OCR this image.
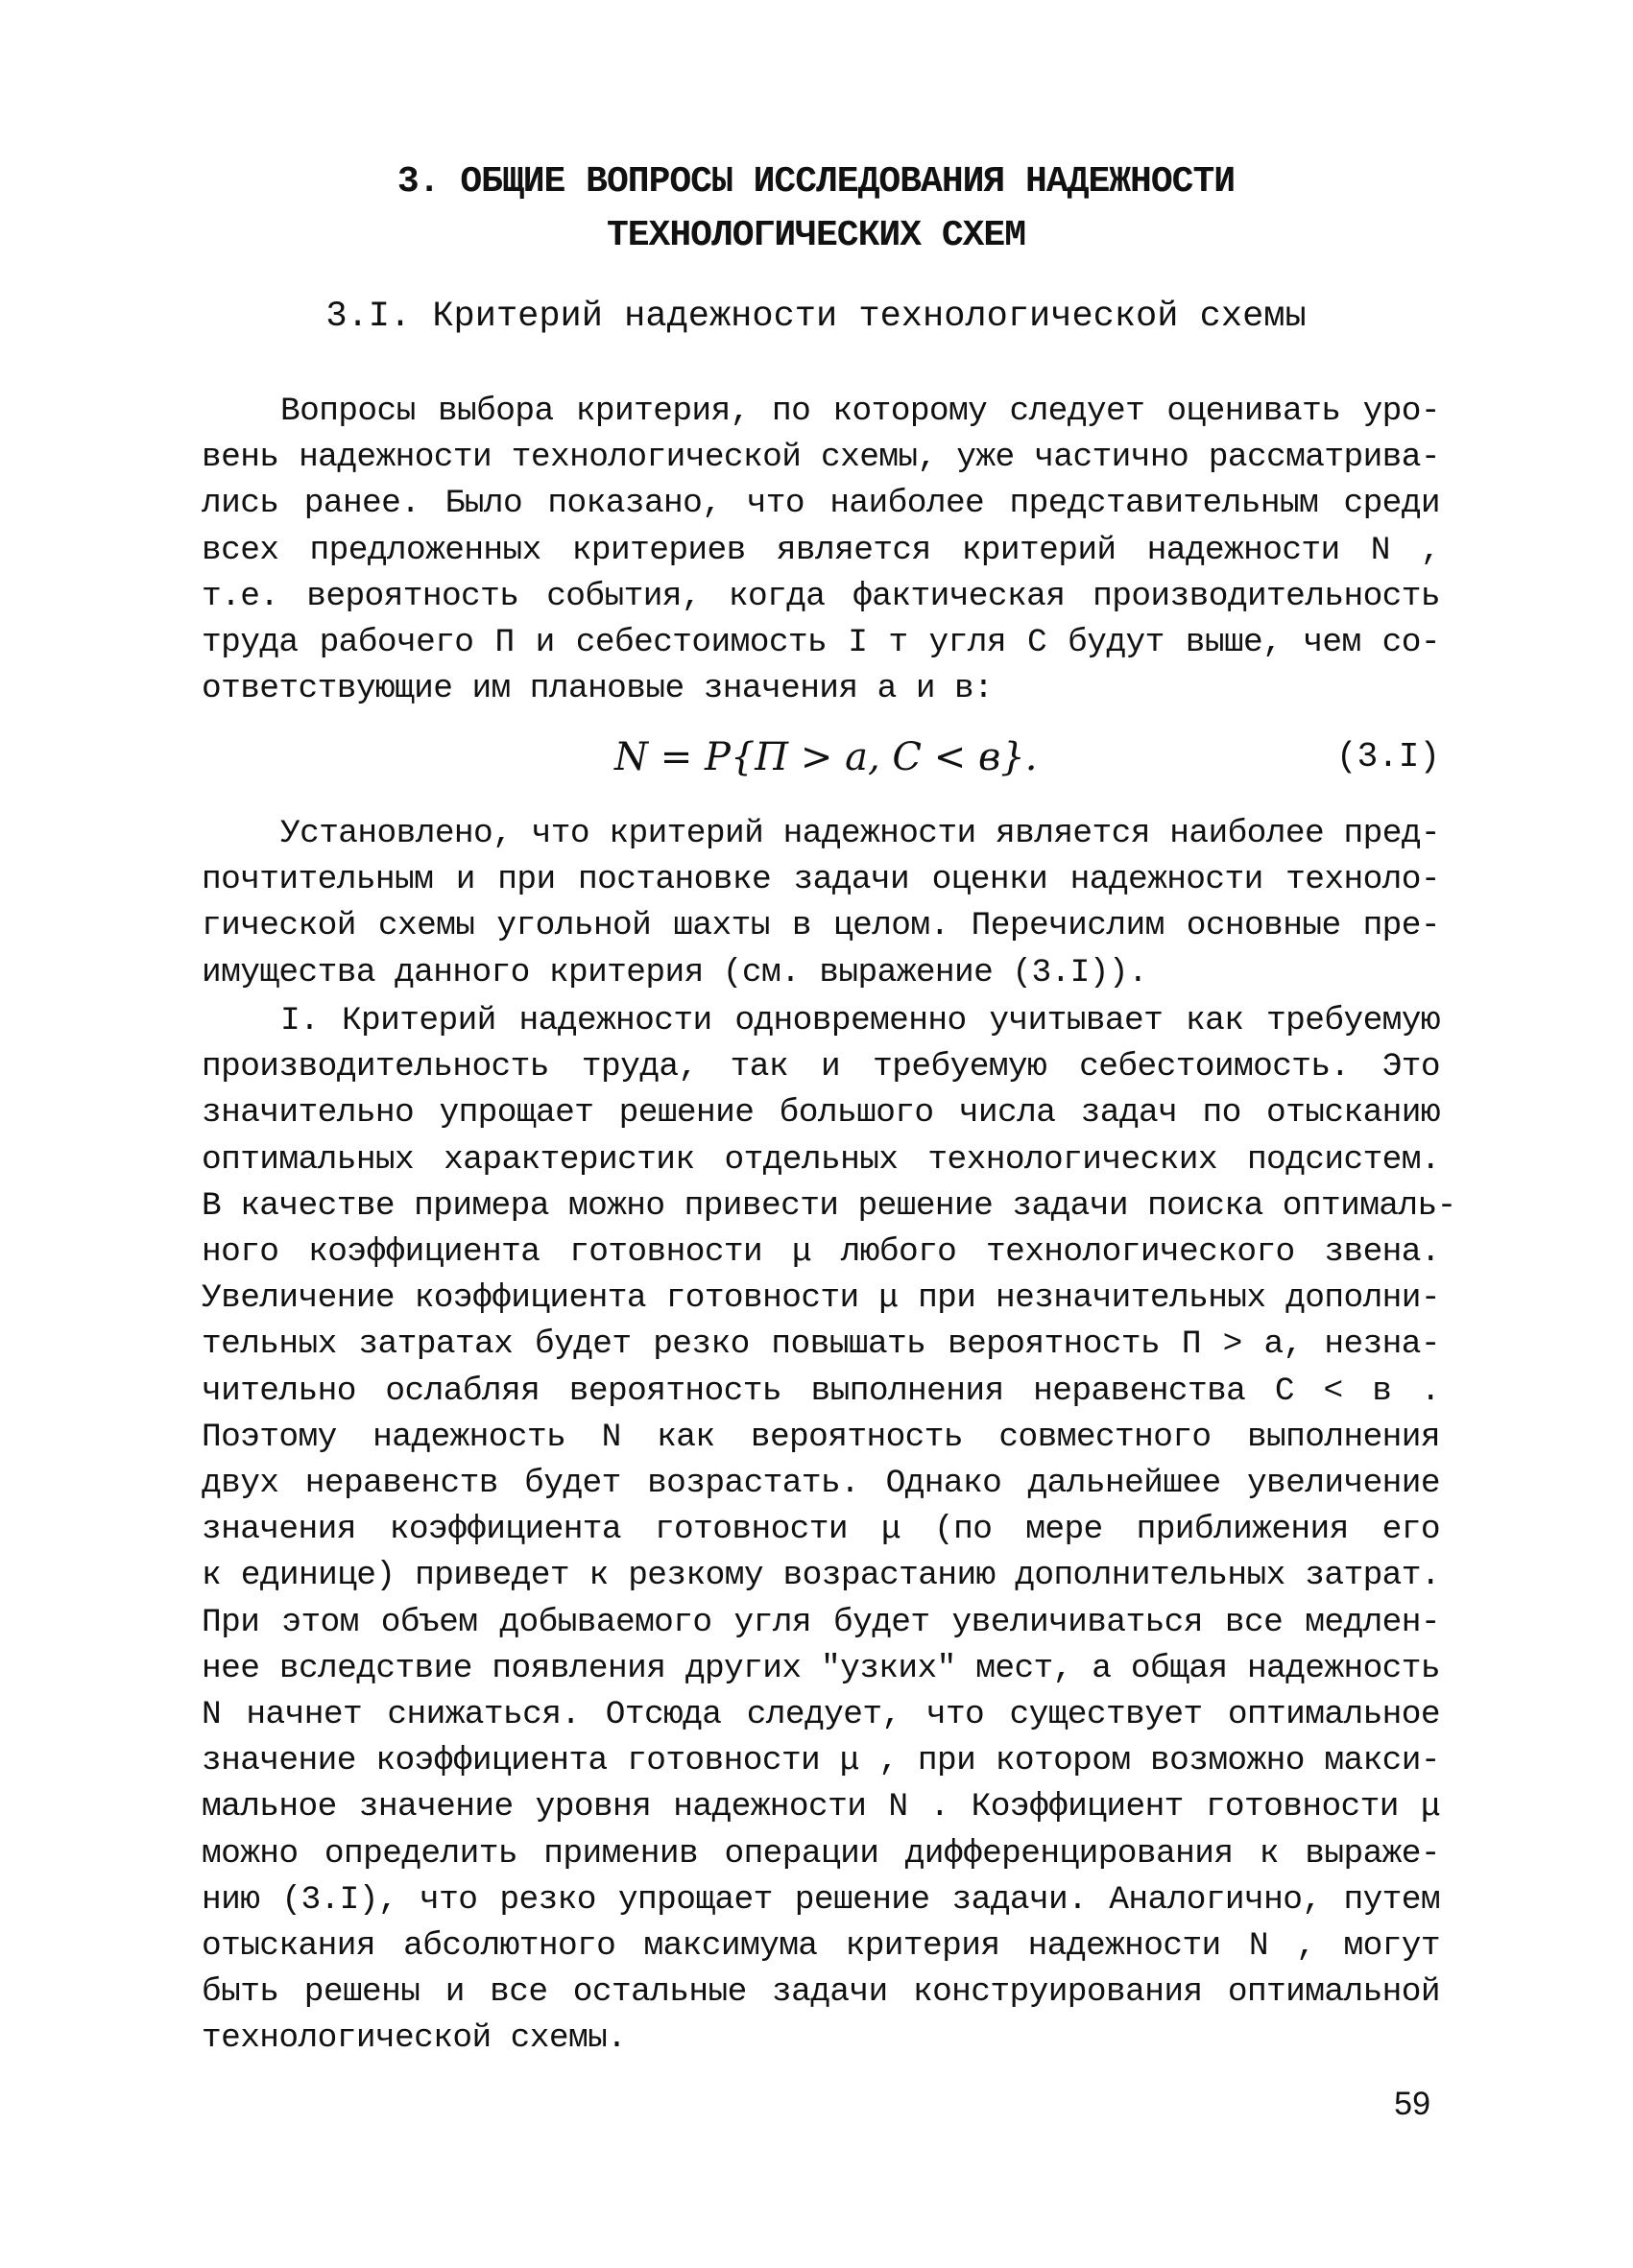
3. ОБЩИЕ ВОПРОСЫ ИССЛЕДОВАНИЯ НАДЕЖНОСТИ
ТЕХНОЛОГИЧЕСКИХ СХЕМ
3.I. Критерий надежности технологической схемы
Вопросы выбора критерия, по которому следует оценивать уро-
вень надежности технологической схемы, уже частично рассматрива-
лись ранее. Было показано, что наиболее представительным среди
всех предложенных критериев является критерий надежности N ,
т.е. вероятность события, когда фактическая производительность
труда рабочего П и себестоимость I т угля С будут выше, чем со-
ответствующие им плановые значения а и в:
N = P{П > а, С < в}.	(3.I)
Установлено, что критерий надежности является наиболее пред-
почтительным и при постановке задачи оценки надежности техноло-
гической схемы угольной шахты в целом. Перечислим основные пре-
имущества данного критерия (см. выражение (3.I)).
I. Критерий надежности одновременно учитывает как требуемую
производительность труда, так и требуемую себестоимость. Это
значительно упрощает решение большого числа задач по отысканию
оптимальных характеристик отдельных технологических подсистем.
В качестве примера можно привести решение задачи поиска оптималь-
ного коэффициента готовности μ любого технологического звена.
Увеличение коэффициента готовности μ при незначительных дополни-
тельных затратах будет резко повышать вероятность П > а, незна-
чительно ослабляя вероятность выполнения неравенства С < в .
Поэтому надежность N как вероятность совместного выполнения
двух неравенств будет возрастать. Однако дальнейшее увеличение
значения коэффициента готовности μ (по мере приближения его
к единице) приведет к резкому возрастанию дополнительных затрат.
При этом объем добываемого угля будет увеличиваться все медлен-
нее вследствие появления других "узких" мест, а общая надежность
N начнет снижаться. Отсюда следует, что существует оптимальное
значение коэффициента готовности μ , при котором возможно макси-
мальное значение уровня надежности N . Коэффициент готовности μ
можно определить применив операции дифференцирования к выраже-
нию (3.I), что резко упрощает решение задачи. Аналогично, путем
отыскания абсолютного максимума критерия надежности N , могут
быть решены и все остальные задачи конструирования оптимальной
технологической схемы.
59
